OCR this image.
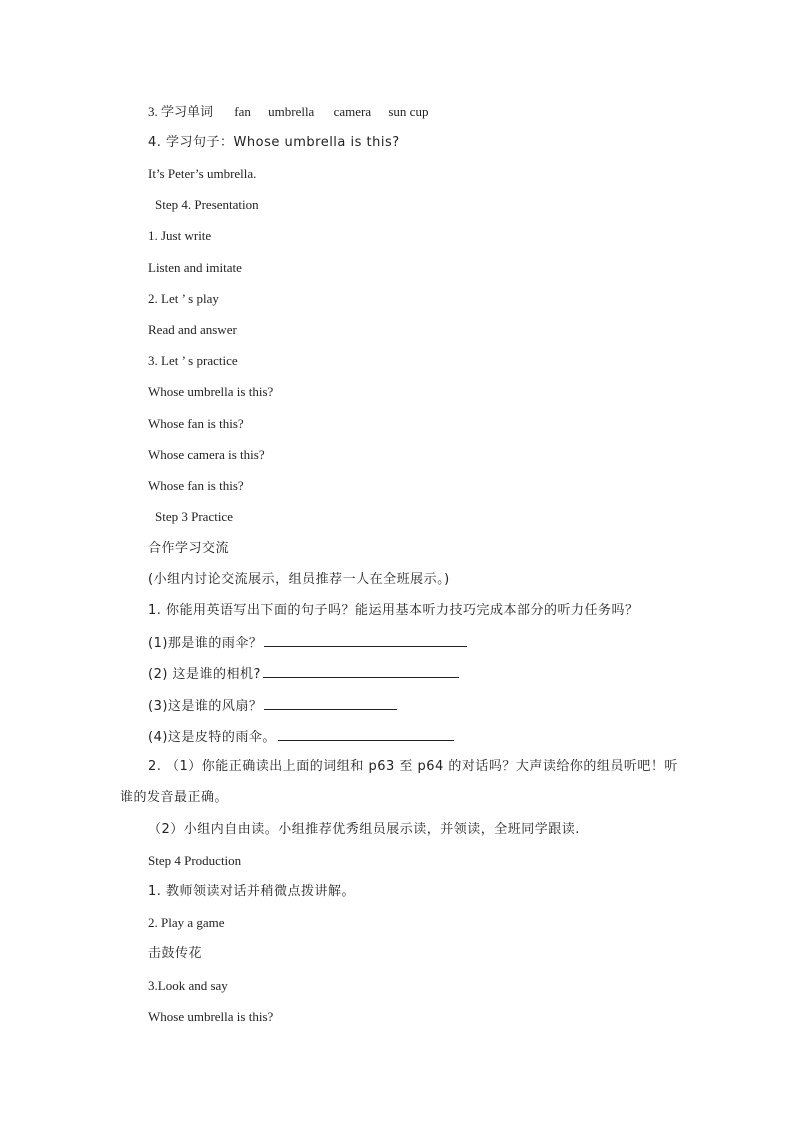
3. 学习单词 fan umbrella camera sun cup
4. 学习句子：Whose umbrella is this?
It’s Peter’s umbrella.
Step 4. Presentation
1. Just write
Listen and imitate
2. Let ’ s play
Read and answer
3. Let ’ s practice
Whose umbrella is this?
Whose fan is this?
Whose camera is this?
Whose fan is this?
Step 3 Practice
合作学习交流
(小组内讨论交流展示，组员推荐一人在全班展示。)
1. 你能用英语写出下面的句子吗？能运用基本听力技巧完成本部分的听力任务吗？
(1)那是谁的雨伞？
(2) 这是谁的相机?
(3)这是谁的风扇？
(4)这是皮特的雨伞。
2. （1）你能正确读出上面的词组和 p63 至 p64 的对话吗？大声读给你的组员听吧！听
谁的发音最正确。
（2）小组内自由读。小组推荐优秀组员展示读，并领读，全班同学跟读.
Step 4 Production
1. 教师领读对话并稍微点拨讲解。
2. Play a game
击鼓传花
3.Look and say
Whose umbrella is this?
